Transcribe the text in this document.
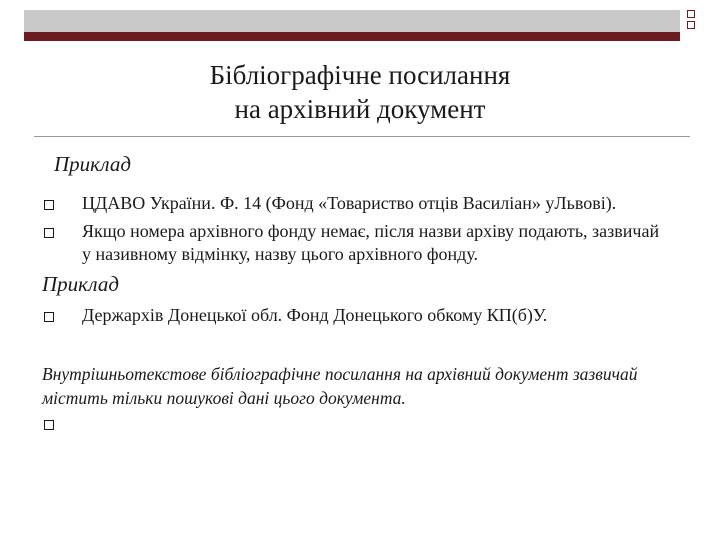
Бібліографічне посилання
на архівний документ
Приклад
ЦДАВО України. Ф. 14 (Фонд «Товариство отців Василіан» уЛьвові).
Якщо номера архівного фонду немає, після назви архіву подають, зазвичай у називному відмінку, назву цього архівного фонду.
Приклад
Держархів Донецької обл. Фонд Донецького обкому КП(б)У.
Внутрішньотекстове бібліографічне посилання на архівний документ зазвичай містить тільки пошукові дані цього документа.
